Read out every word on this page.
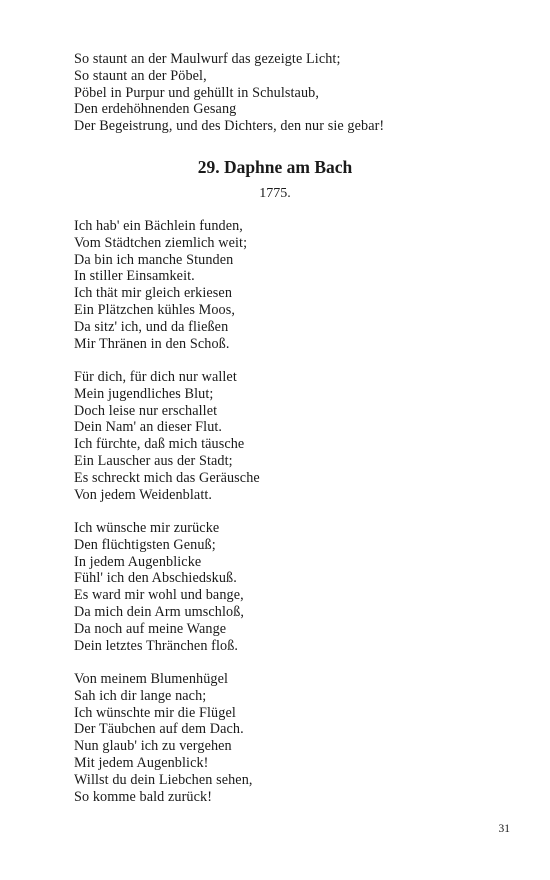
So staunt an der Maulwurf das gezeigte Licht;
So staunt an der Pöbel,
Pöbel in Purpur und gehüllt in Schulstaub,
Den erdehöhnenden Gesang
Der Begeistrung, und des Dichters, den nur sie gebar!
29. Daphne am Bach

1775.

Ich hab' ein Bächlein funden,
Vom Städtchen ziemlich weit;
Da bin ich manche Stunden
In stiller Einsamkeit.
Ich thät mir gleich erkiesen
Ein Plätzchen kühles Moos,
Da sitz' ich, und da fließen
Mir Thränen in den Schoß.
Für dich, für dich nur wallet
Mein jugendliches Blut;
Doch leise nur erschallet
Dein Nam' an dieser Flut.
Ich fürchte, daß mich täusche
Ein Lauscher aus der Stadt;
Es schreckt mich das Geräusche
Von jedem Weidenblatt.
Ich wünsche mir zurücke
Den flüchtigsten Genuß;
In jedem Augenblicke
Fühl' ich den Abschiedskuß.
Es ward mir wohl und bange,
Da mich dein Arm umschloß,
Da noch auf meine Wange
Dein letztes Thränchen floß.
Von meinem Blumenhügel
Sah ich dir lange nach;
Ich wünschte mir die Flügel
Der Täubchen auf dem Dach.
Nun glaub' ich zu vergehen
Mit jedem Augenblick!
Willst du dein Liebchen sehen,
So komme bald zurück!
31
